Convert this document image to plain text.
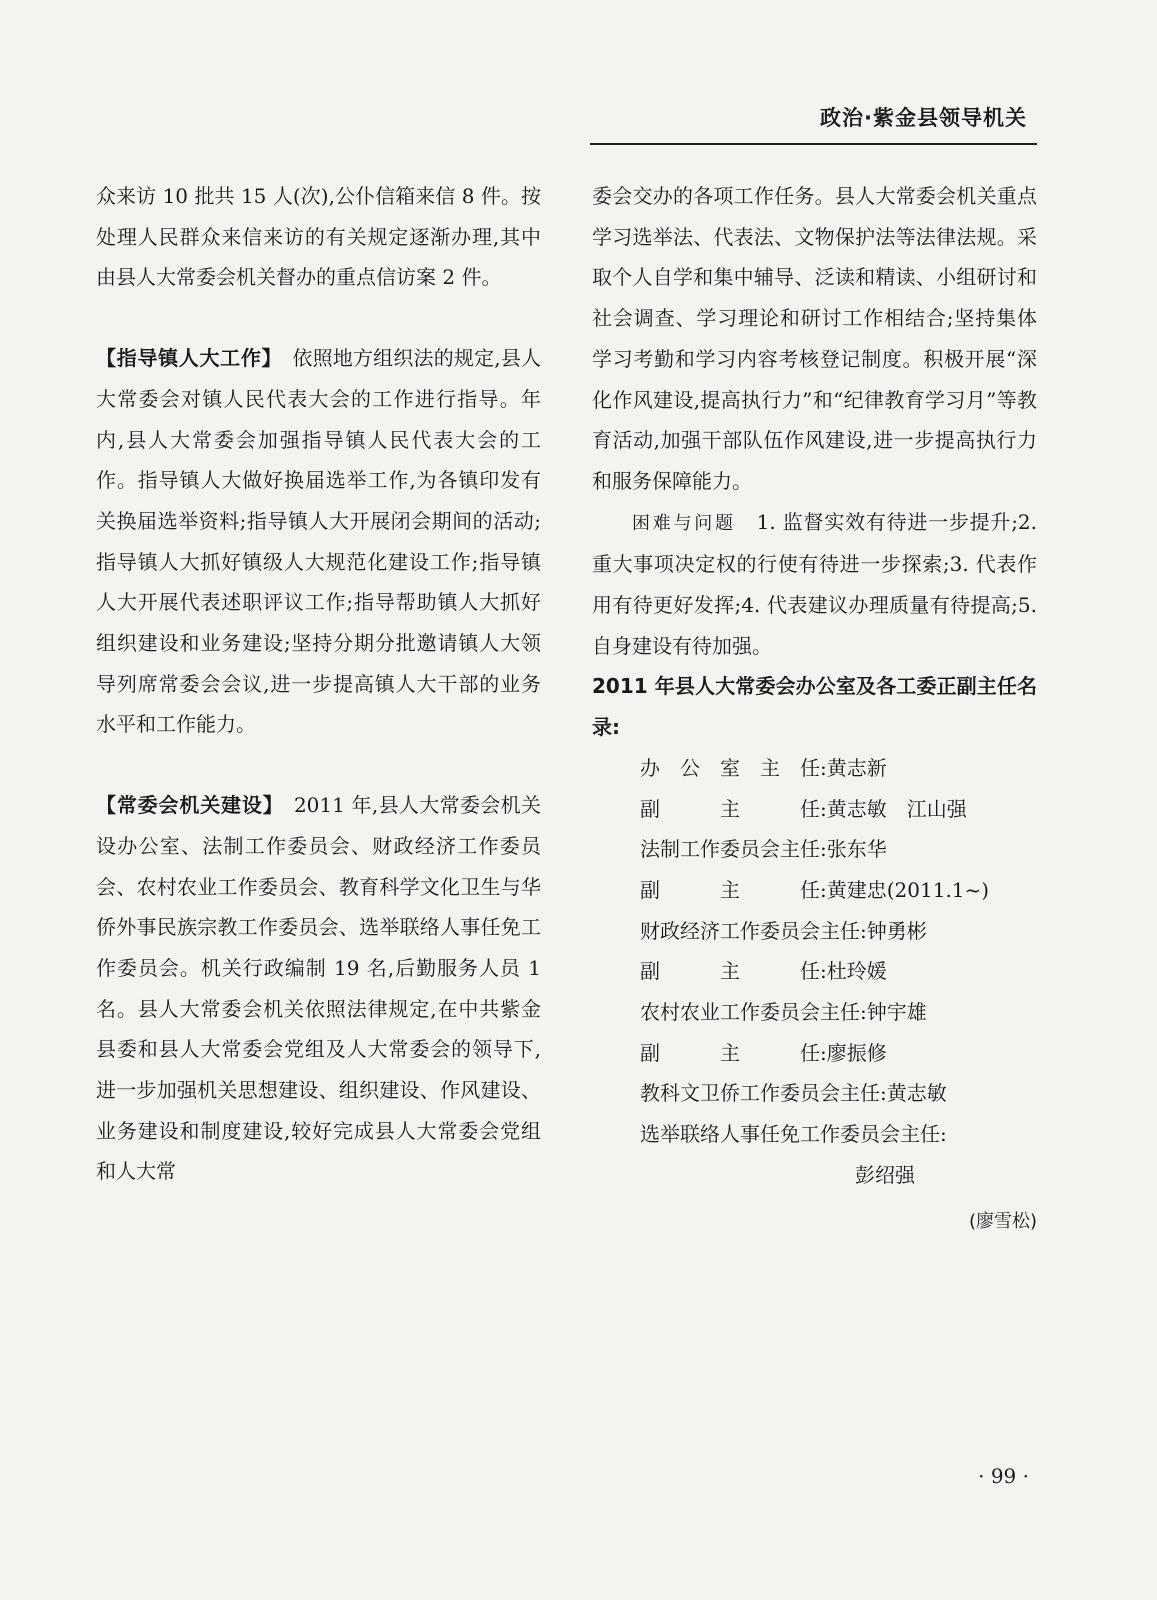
政治·紫金县领导机关

众来访 10 批共 15 人(次),公仆信箱来信 8 件。按处理人民群众来信来访的有关规定逐渐办理,其中由县人大常委会机关督办的重点信访案 2 件。

【指导镇人大工作】　 依照地方组织法的规定,县人大常委会对镇人民代表大会的工作进行指导。年内,县人大常委会加强指导镇人民代表大会的工作。指导镇人大做好换届选举工作,为各镇印发有关换届选举资料;指导镇人大开展闭会期间的活动;指导镇人大抓好镇级人大规范化建设工作;指导镇人大开展代表述职评议工作;指导帮助镇人大抓好组织建设和业务建设;坚持分期分批邀请镇人大领导列席常委会会议,进一步提高镇人大干部的业务水平和工作能力。

【常委会机关建设】　 2011 年,县人大常委会机关设办公室、法制工作委员会、财政经济工作委员会、农村农业工作委员会、教育科学文化卫生与华侨外事民族宗教工作委员会、选举联络人事任免工作委员会。机关行政编制 19 名,后勤服务人员 1 名。县人大常委会机关依照法律规定,在中共紫金县委和县人大常委会党组及人大常委会的领导下,进一步加强机关思想建设、组织建设、作风建设、业务建设和制度建设,较好完成县人大常委会党组和人大常

委会交办的各项工作任务。县人大常委会机关重点学习选举法、代表法、文物保护法等法律法规。采取个人自学和集中辅导、泛读和精读、小组研讨和社会调查、学习理论和研讨工作相结合;坚持集体学习考勤和学习内容考核登记制度。积极开展“深化作风建设,提高执行力”和“纪律教育学习月”等教育活动,加强干部队伍作风建设,进一步提高执行力和服务保障能力。

困难与问题　 1. 监督实效有待进一步提升;2. 重大事项决定权的行使有待进一步探索;3. 代表作用有待更好发挥;4. 代表建议办理质量有待提高;5. 自身建设有待加强。

2011 年县人大常委会办公室及各工委正副主任名录:

办 公 室 主 任 :黄志新
副	主	任 :黄志敏　江山强
法制工作委员会主任:张东华
副	主	任 :黄建忠(2011.1~)
财政经济工作委员会主任:钟勇彬
副	主	任 :杜玲媛
农村农业工作委员会主任:钟宇雄
副	主	任 :廖振修
教科文卫侨工作委员会主任:黄志敏
选举联络人事任免工作委员会主任:
彭绍强
(廖雪松)
· 99 ·
